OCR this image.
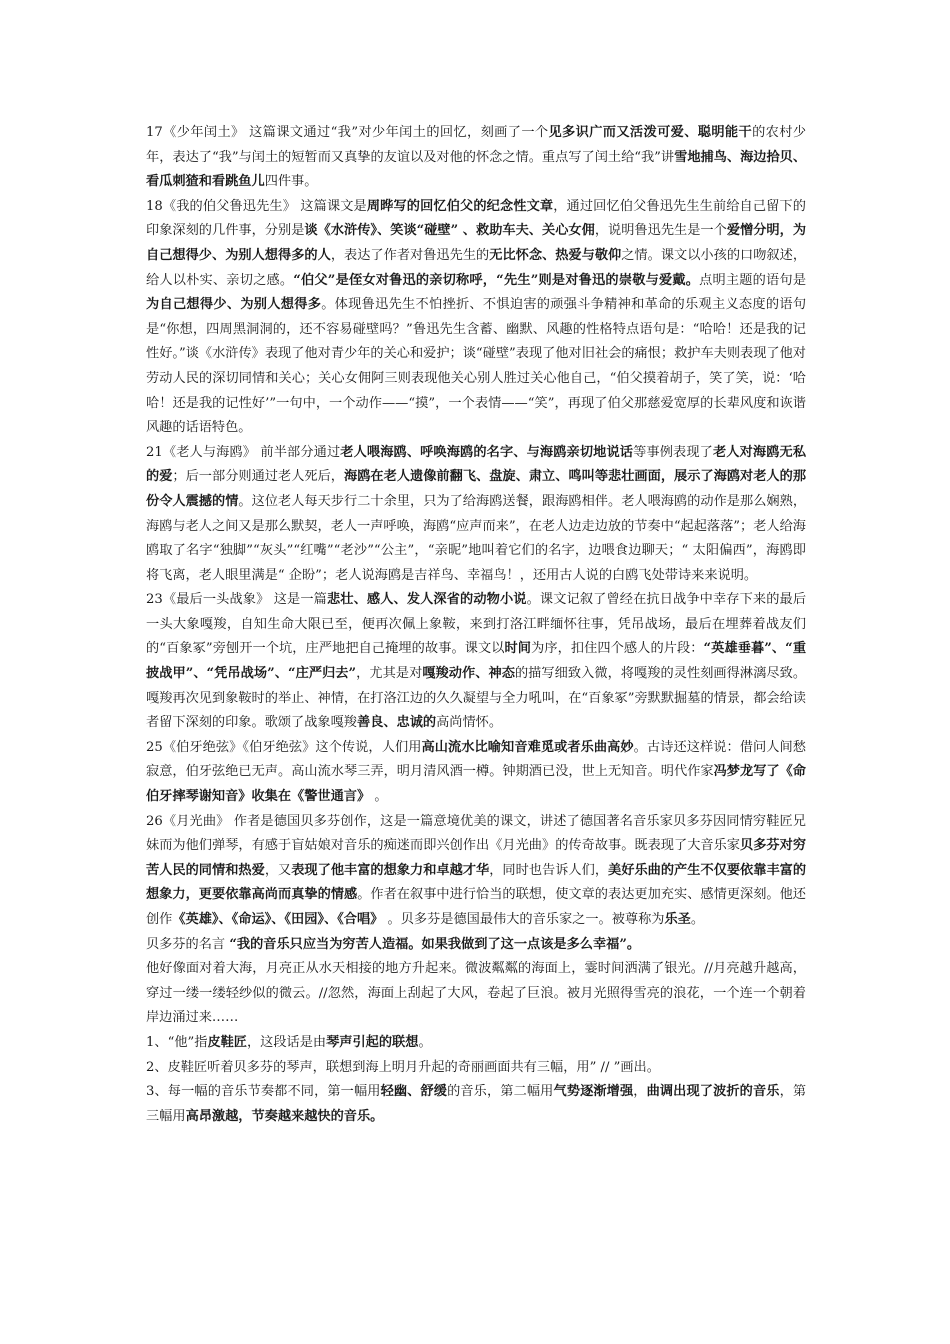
17《少年闰土》 这篇课文通过“我”对少年闰土的回忆，刻画了一个见多识广而又活泼可爱、聪明能干的农村少年，表达了“我”与闰土的短暂而又真挚的友谊以及对他的怀念之情。重点写了闰土给“我”讲雪地捕鸟、海边拾贝、看瓜刺猹和看跳鱼儿四件事。

18《我的伯父鲁迅先生》 这篇课文是周晔写的回忆伯父的纪念性文章，通过回忆伯父鲁迅先生生前给自己留下的印象深刻的几件事，分别是谈《水浒传》、笑谈“碰壁” 、救助车夫、关心女佣，说明鲁迅先生是一个爱憎分明，为自己想得少、为别人想得多的人，表达了作者对鲁迅先生的无比怀念、热爱与敬仰之情。课文以小孩的口吻叙述，给人以朴实、亲切之感。“伯父”是侄女对鲁迅的亲切称呼，“先生”则是对鲁迅的崇敬与爱戴。点明主题的语句是为自己想得少、为别人想得多。体现鲁迅先生不怕挫折、不惧迫害的顽强斗争精神和革命的乐观主义态度的语句是“你想，四周黑洞洞的，还不容易碰壁吗？”鲁迅先生含蓄、幽默、风趣的性格特点语句是：“哈哈！还是我的记性好。”谈《水浒传》表现了他对青少年的关心和爱护；谈“碰壁”表现了他对旧社会的痛恨；救护车夫则表现了他对劳动人民的深切同情和关心；关心女佣阿三则表现他关心别人胜过关心他自己，“伯父摸着胡子，笑了笑，说：‘哈哈！还是我的记性好’”一句中，一个动作——“摸”，一个表情——“笑”，再现了伯父那慈爱宽厚的长辈风度和诙谐风趣的话语特色。

21《老人与海鸥》 前半部分通过老人喂海鸥、呼唤海鸥的名字、与海鸥亲切地说话等事例表现了老人对海鸥无私的爱；后一部分则通过老人死后，海鸥在老人遗像前翻飞、盘旋、肃立、鸣叫等悲壮画面，展示了海鸥对老人的那份令人震撼的情。这位老人每天步行二十余里，只为了给海鸥送餐，跟海鸥相伴。老人喂海鸥的动作是那么娴熟，海鸥与老人之间又是那么默契，老人一声呼唤，海鸥“应声而来”，在老人边走边放的节奏中“起起落落”；老人给海鸥取了名字“独脚”“灰头”“红嘴”“老沙”“公主”，“亲昵”地叫着它们的名字，边喂食边聊天；“ 太阳偏西”，海鸥即将飞离，老人眼里满是“ 企盼”；老人说海鸥是吉祥鸟、幸福鸟！，还用古人说的白鸥飞处带诗来来说明。

23《最后一头战象》 这是一篇悲壮、感人、发人深省的动物小说。课文记叙了曾经在抗日战争中幸存下来的最后一头大象嘎羧，自知生命大限已至，便再次佩上象鞍，来到打洛江畔缅怀往事，凭吊战场，最后在埋葬着战友们的“百象冢”旁刨开一个坑，庄严地把自己掩埋的故事。课文以时间为序，扣住四个感人的片段：“英雄垂暮”、“重披战甲”、“凭吊战场”、“庄严归去”，尤其是对嘎羧动作、神态的描写细致入微，将嘎羧的灵性刻画得淋漓尽致。嘎羧再次见到象鞍时的举止、神情，在打洛江边的久久凝望与全力吼叫，在“百象冢”旁默默掘墓的情景，都会给读者留下深刻的印象。歌颂了战象嘎羧善良、忠诚的高尚情怀。

25《伯牙绝弦》《伯牙绝弦》这个传说，人们用高山流水比喻知音难觅或者乐曲高妙。古诗还这样说：借问人间愁寂意，伯牙弦绝已无声。高山流水琴三弄，明月清风酒一樽。钟期酒已没，世上无知音。明代作家冯梦龙写了《命伯牙摔琴谢知音》收集在《警世通言》 。

26《月光曲》 作者是德国贝多芬创作，这是一篇意境优美的课文，讲述了德国著名音乐家贝多芬因同情穷鞋匠兄妹而为他们弹琴，有感于盲姑娘对音乐的痴迷而即兴创作出《月光曲》的传奇故事。既表现了大音乐家贝多芬对穷苦人民的同情和热爱，又表现了他丰富的想象力和卓越才华，同时也告诉人们，美好乐曲的产生不仅要依靠丰富的想象力，更要依靠高尚而真挚的情感。作者在叙事中进行恰当的联想，使文章的表达更加充实、感情更深刻。他还创作《英雄》、《命运》、《田园》、《合唱》 。贝多芬是德国最伟大的音乐家之一。被尊称为乐圣。

贝多芬的名言 “我的音乐只应当为穷苦人造福。如果我做到了这一点该是多么幸福”。

他好像面对着大海，月亮正从水天相接的地方升起来。微波粼粼的海面上，霎时间洒满了银光。//月亮越升越高，穿过一缕一缕轻纱似的微云。//忽然，海面上刮起了大风，卷起了巨浪。被月光照得雪亮的浪花，一个连一个朝着岸边涌过来……

1、“他”指皮鞋匠，这段话是由琴声引起的联想。

2、皮鞋匠听着贝多芬的琴声，联想到海上明月升起的奇丽画面共有三幅，用” // ”画出。

3、每一幅的音乐节奏都不同，第一幅用轻幽、舒缓的音乐，第二幅用气势逐渐增强，曲调出现了波折的音乐，第三幅用高昂激越，节奏越来越快的音乐。
